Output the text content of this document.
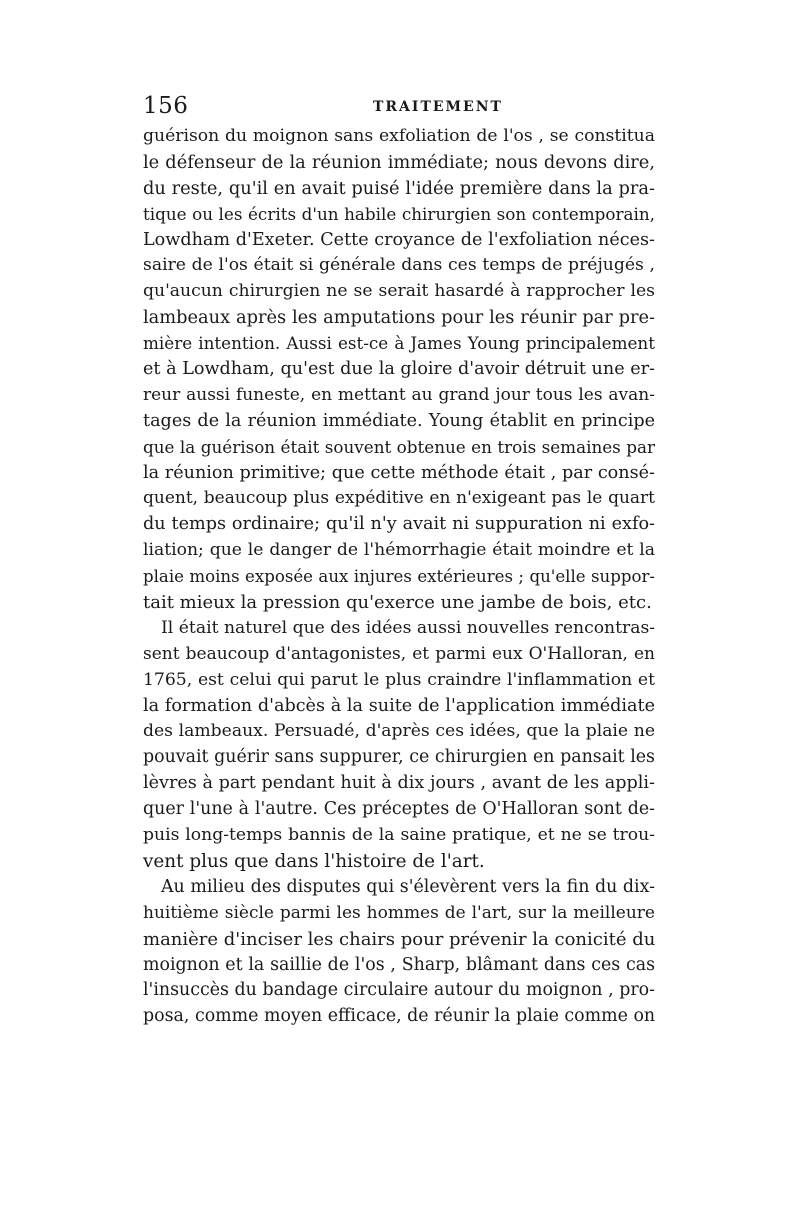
156	TRAITEMENT
guérison du moignon sans exfoliation de l'os , se constitua
le défenseur de la réunion immédiate; nous devons dire,
du reste, qu'il en avait puisé l'idée première dans la pra-
tique ou les écrits d'un habile chirurgien son contemporain,
Lowdham d'Exeter. Cette croyance de l'exfoliation néces-
saire de l'os était si générale dans ces temps de préjugés ,
qu'aucun chirurgien ne se serait hasardé à rapprocher les
lambeaux après les amputations pour les réunir par pre-
mière intention. Aussi est-ce à James Young principalement
et à Lowdham, qu'est due la gloire d'avoir détruit une er-
reur aussi funeste, en mettant au grand jour tous les avan-
tages de la réunion immédiate. Young établit en principe
que la guérison était souvent obtenue en trois semaines par
la réunion primitive; que cette méthode était , par consé-
quent, beaucoup plus expéditive en n'exigeant pas le quart
du temps ordinaire; qu'il n'y avait ni suppuration ni exfo-
liation; que le danger de l'hémorrhagie était moindre et la
plaie moins exposée aux injures extérieures ; qu'elle suppor-
tait mieux la pression qu'exerce une jambe de bois, etc.
Il était naturel que des idées aussi nouvelles rencontras-
sent beaucoup d'antagonistes, et parmi eux O'Halloran, en
1765, est celui qui parut le plus craindre l'inflammation et
la formation d'abcès à la suite de l'application immédiate
des lambeaux. Persuadé, d'après ces idées, que la plaie ne
pouvait guérir sans suppurer, ce chirurgien en pansait les
lèvres à part pendant huit à dix jours , avant de les appli-
quer l'une à l'autre. Ces préceptes de O'Halloran sont de-
puis long-temps bannis de la saine pratique, et ne se trou-
vent plus que dans l'histoire de l'art.
Au milieu des disputes qui s'élevèrent vers la fin du dix-
huitième siècle parmi les hommes de l'art, sur la meilleure
manière d'inciser les chairs pour prévenir la conicité du
moignon et la saillie de l'os , Sharp, blâmant dans ces cas
l'insuccès du bandage circulaire autour du moignon , pro-
posa, comme moyen efficace, de réunir la plaie comme on
